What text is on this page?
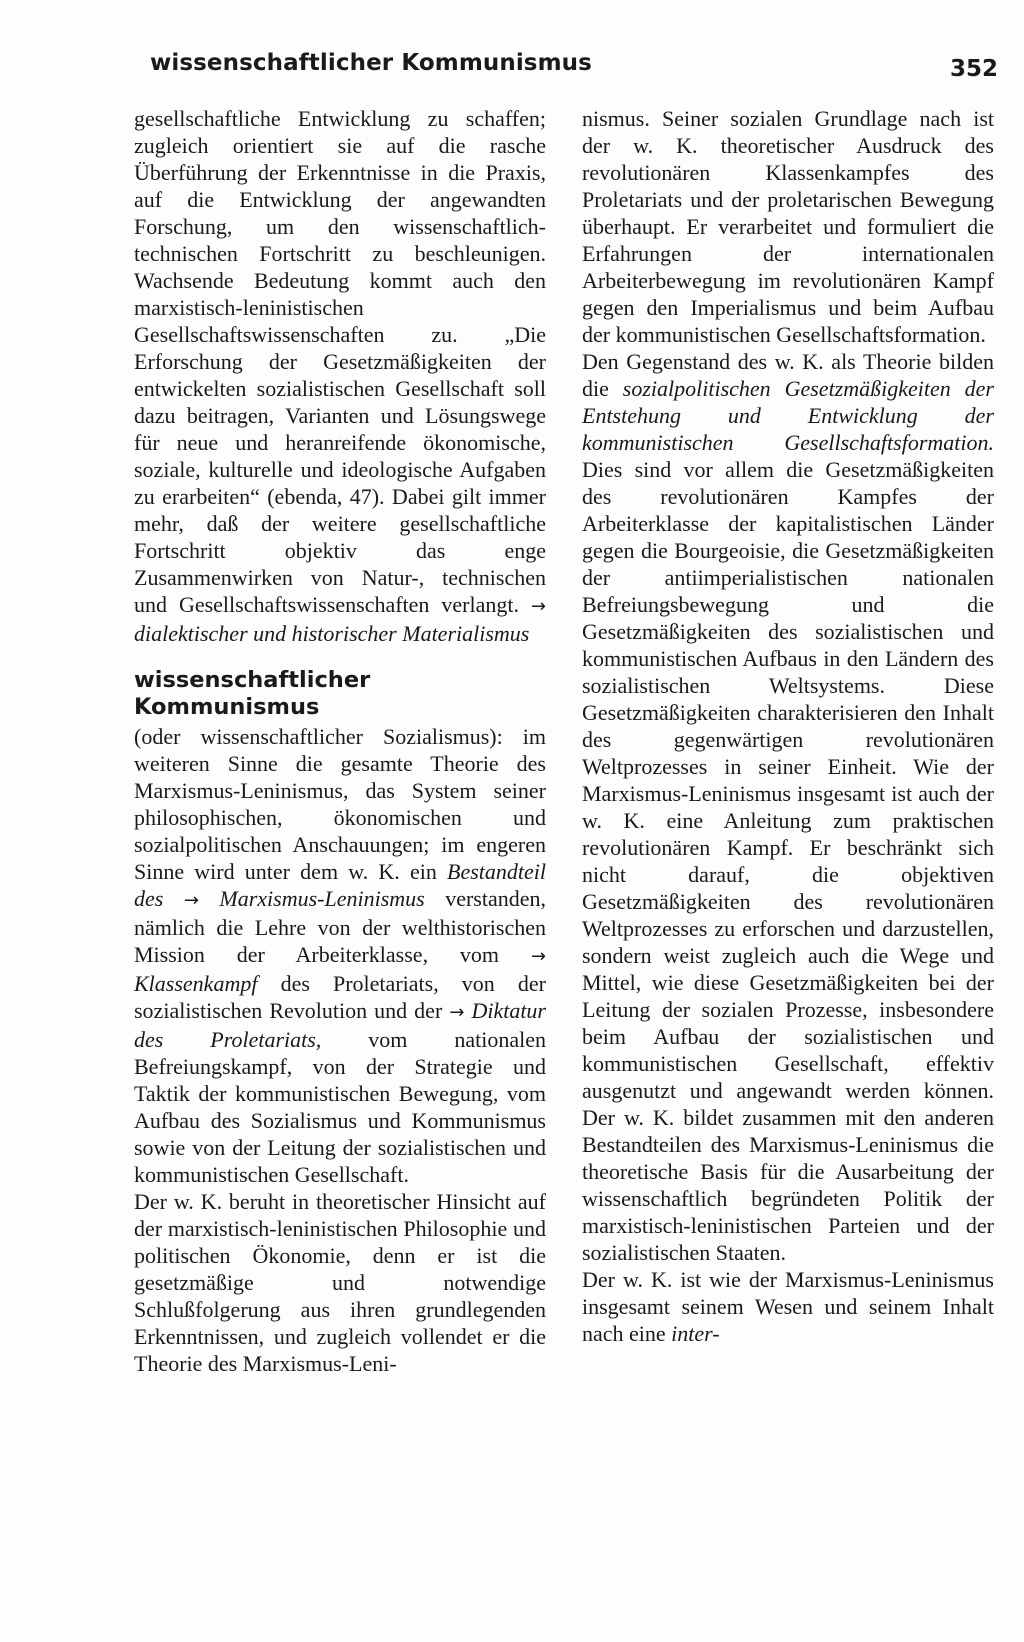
wissenschaftlicher Kommunismus	352

gesellschaftliche Entwicklung zu schaffen; zugleich orientiert sie auf die rasche Überführung der Erkenntnisse in die Praxis, auf die Entwicklung der angewandten Forschung, um den wissenschaftlich-technischen Fortschritt zu beschleunigen. Wachsende Bedeutung kommt auch den marxistisch-leninistischen Gesellschaftswissenschaften zu. „Die Erforschung der Gesetzmäßigkeiten der entwickelten sozialistischen Gesellschaft soll dazu beitragen, Varianten und Lösungswege für neue und heranreifende ökonomische, soziale, kulturelle und ideologische Aufgaben zu erarbeiten“ (ebenda, 47). Dabei gilt immer mehr, daß der weitere gesellschaftliche Fortschritt objektiv das enge Zusammenwirken von Natur-, technischen und Gesellschaftswissenschaften verlangt. → dialektischer und historischer Materialismus

wissenschaftlicher Kommunismus
(oder wissenschaftlicher Sozialismus): im weiteren Sinne die gesamte Theorie des Marxismus-Leninismus, das System seiner philosophischen, ökonomischen und sozialpolitischen Anschauungen; im engeren Sinne wird unter dem w. K. ein Bestandteil des → Marxismus-Leninismus verstanden, nämlich die Lehre von der welthistorischen Mission der Arbeiterklasse, vom → Klassenkampf des Proletariats, von der sozialistischen Revolution und der → Diktatur des Proletariats, vom nationalen Befreiungskampf, von der Strategie und Taktik der kommunistischen Bewegung, vom Aufbau des Sozialismus und Kommunismus sowie von der Leitung der sozialistischen und kommunistischen Gesellschaft.

Der w. K. beruht in theoretischer Hinsicht auf der marxistisch-leninistischen Philosophie und politischen Ökonomie, denn er ist die gesetzmäßige und notwendige Schlußfolgerung aus ihren grundlegenden Erkenntnissen, und zugleich vollendet er die Theorie des Marxismus-Leni-

nismus. Seiner sozialen Grundlage nach ist der w. K. theoretischer Ausdruck des revolutionären Klassenkampfes des Proletariats und der proletarischen Bewegung überhaupt. Er verarbeitet und formuliert die Erfahrungen der internationalen Arbeiterbewegung im revolutionären Kampf gegen den Imperialismus und beim Aufbau der kommunistischen Gesellschaftsformation.

Den Gegenstand des w. K. als Theorie bilden die sozialpolitischen Gesetzmäßigkeiten der Entstehung und Entwicklung der kommunistischen Gesellschaftsformation. Dies sind vor allem die Gesetzmäßigkeiten des revolutionären Kampfes der Arbeiterklasse der kapitalistischen Länder gegen die Bourgeoisie, die Gesetzmäßigkeiten der antiimperialistischen nationalen Befreiungsbewegung und die Gesetzmäßigkeiten des sozialistischen und kommunistischen Aufbaus in den Ländern des sozialistischen Weltsystems. Diese Gesetzmäßigkeiten charakterisieren den Inhalt des gegenwärtigen revolutionären Weltprozesses in seiner Einheit. Wie der Marxismus-Leninismus insgesamt ist auch der w. K. eine Anleitung zum praktischen revolutionären Kampf. Er beschränkt sich nicht darauf, die objektiven Gesetzmäßigkeiten des revolutionären Weltprozesses zu erforschen und darzustellen, sondern weist zugleich auch die Wege und Mittel, wie diese Gesetzmäßigkeiten bei der Leitung der sozialen Prozesse, insbesondere beim Aufbau der sozialistischen und kommunistischen Gesellschaft, effektiv ausgenutzt und angewandt werden können. Der w. K. bildet zusammen mit den anderen Bestandteilen des Marxismus-Leninismus die theoretische Basis für die Ausarbeitung der wissenschaftlich begründeten Politik der marxistisch-leninistischen Parteien und der sozialistischen Staaten.

Der w. K. ist wie der Marxismus-Leninismus insgesamt seinem Wesen und seinem Inhalt nach eine inter-
